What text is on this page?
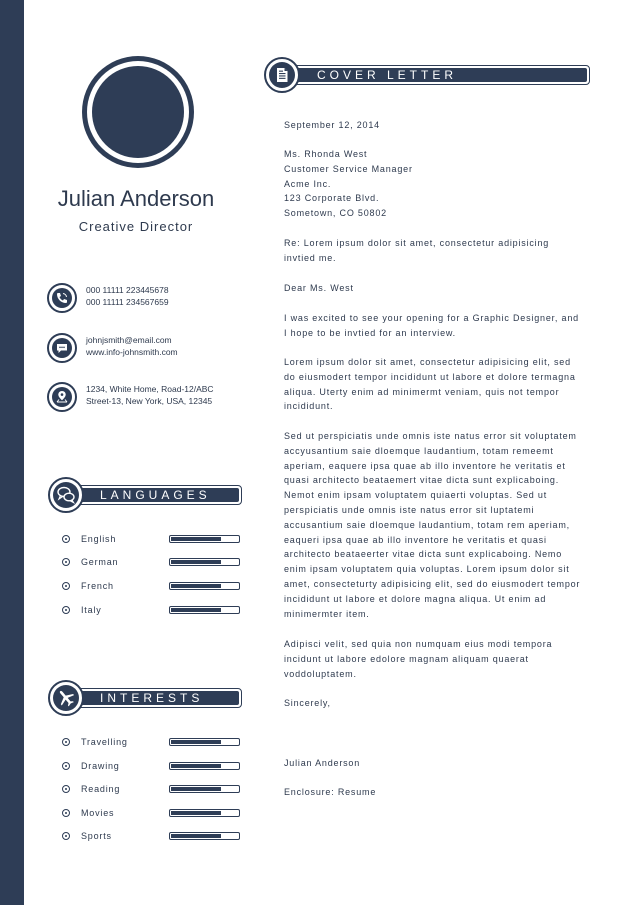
Julian Anderson
Creative Director
000 11111 223445678
000 11111 234567659
johnjsmith@email.com
www.info-johnsmith.com
1234, White Home, Road-12/ABC
Street-13, New York, USA, 12345
LANGUAGES
English
German
French
Italy
INTERESTS
Travelling
Drawing
Reading
Movies
Sports
COVER LETTER
September 12, 2014

Ms. Rhonda West

Customer Service Manager

Acme Inc.

123 Corporate Blvd.

Sometown, CO 50802

Re: Lorem ipsum dolor sit amet, consectetur adipisicing

invtied me.

Dear Ms. West

I was excited to see your opening for a Graphic Designer, and

I hope to be invtied for an interview.

Lorem ipsum dolor sit amet, consectetur adipisicing elit, sed

do eiusmodert tempor incididunt ut labore et dolore termagna

aliqua. Uterty enim ad minimermt veniam, quis not tempor

incididunt.

Sed ut perspiciatis unde omnis iste natus error sit voluptatem

accyusantium saie dloemque laudantium, totam remeemt

aperiam, eaquere ipsa quae ab illo inventore he veritatis et

quasi architecto beataemert vitae dicta sunt explicaboing.

Nemot enim ipsam voluptatem quiaerti voluptas. Sed ut

perspiciatis unde omnis iste natus error sit luptatemi

accusantium saie dloemque laudantium, totam rem aperiam,

eaqueri ipsa quae ab illo inventore he veritatis et quasi

architecto beataeerter vitae dicta sunt explicaboing. Nemo

enim ipsam voluptatem quia voluptas. Lorem ipsum dolor sit

amet, consecteturty adipisicing elit, sed do eiusmodert tempor

incididunt ut labore et dolore magna aliqua. Ut enim ad

minimermter item.

Adipisci velit, sed quia non numquam eius modi tempora

incidunt ut labore edolore magnam aliquam quaerat

voddoluptatem.

Sincerely,
Julian Anderson
Enclosure: Resume
